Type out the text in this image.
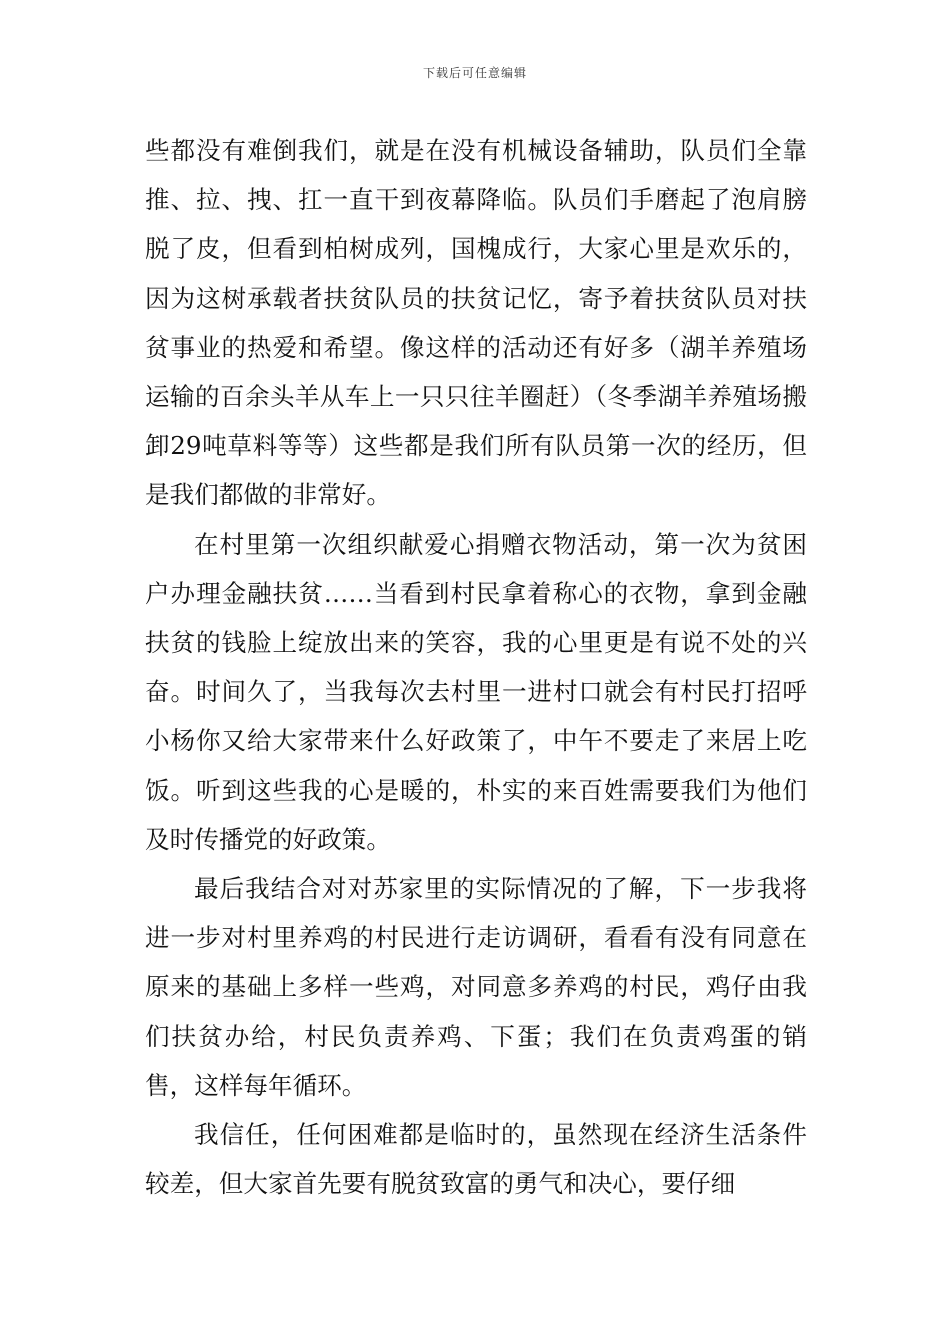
下载后可任意编辑

些都没有难倒我们，就是在没有机械设备辅助，队员们全靠推、拉、拽、扛一直干到夜幕降临。队员们手磨起了泡肩膀脱了皮，但看到柏树成列，国槐成行，大家心里是欢乐的，因为这树承载者扶贫队员的扶贫记忆，寄予着扶贫队员对扶贫事业的热爱和希望。像这样的活动还有好多（湖羊养殖场运输的百余头羊从车上一只只往羊圈赶）（冬季湖羊养殖场搬卸29吨草料等等）这些都是我们所有队员第一次的经历，但是我们都做的非常好。

在村里第一次组织献爱心捐赠衣物活动，第一次为贫困户办理金融扶贫……当看到村民拿着称心的衣物，拿到金融扶贫的钱脸上绽放出来的笑容，我的心里更是有说不处的兴奋。时间久了，当我每次去村里一进村口就会有村民打招呼小杨你又给大家带来什么好政策了，中午不要走了来居上吃饭。听到这些我的心是暖的，朴实的来百姓需要我们为他们及时传播党的好政策。

最后我结合对对苏家里的实际情况的了解，下一步我将进一步对村里养鸡的村民进行走访调研，看看有没有同意在原来的基础上多样一些鸡，对同意多养鸡的村民，鸡仔由我们扶贫办给，村民负责养鸡、下蛋；我们在负责鸡蛋的销售，这样每年循环。

我信任，任何困难都是临时的，虽然现在经济生活条件较差，但大家首先要有脱贫致富的勇气和决心，要仔细
